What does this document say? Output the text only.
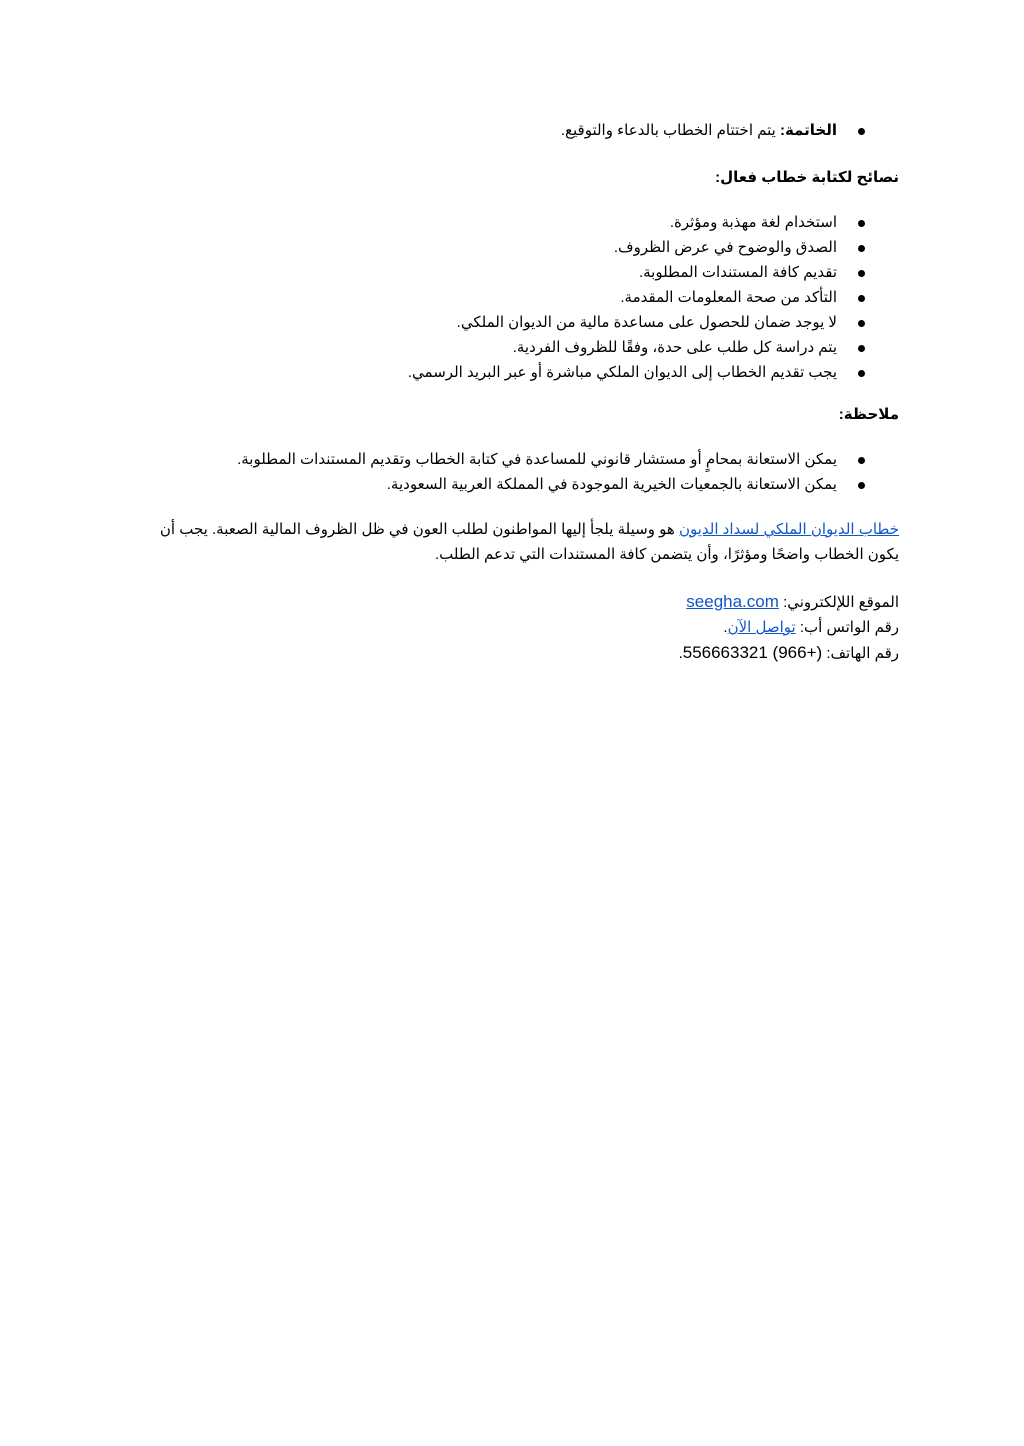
الخاتمة: يتم اختتام الخطاب بالدعاء والتوقيع.

نصائح لكتابة خطاب فعال:

استخدام لغة مهذبة ومؤثرة.
الصدق والوضوح في عرض الظروف.
تقديم كافة المستندات المطلوبة.
التأكد من صحة المعلومات المقدمة.
لا يوجد ضمان للحصول على مساعدة مالية من الديوان الملكي.
يتم دراسة كل طلب على حدة، وفقًا للظروف الفردية.
يجب تقديم الخطاب إلى الديوان الملكي مباشرة أو عبر البريد الرسمي.

ملاحظة:

يمكن الاستعانة بمحامٍ أو مستشار قانوني للمساعدة في كتابة الخطاب وتقديم المستندات المطلوبة.
يمكن الاستعانة بالجمعيات الخيرية الموجودة في المملكة العربية السعودية.

خطاب الديوان الملكي لسداد الديون هو وسيلة يلجأ إليها المواطنون لطلب العون في ظل الظروف المالية الصعبة. يجب أن يكون الخطاب واضحًا ومؤثرًا، وأن يتضمن كافة المستندات التي تدعم الطلب.

الموقع اللإلكتروني: seegha.com
رقم الواتس أب: تواصل الآن.
رقم الهاتف: 556663321 (966+).
